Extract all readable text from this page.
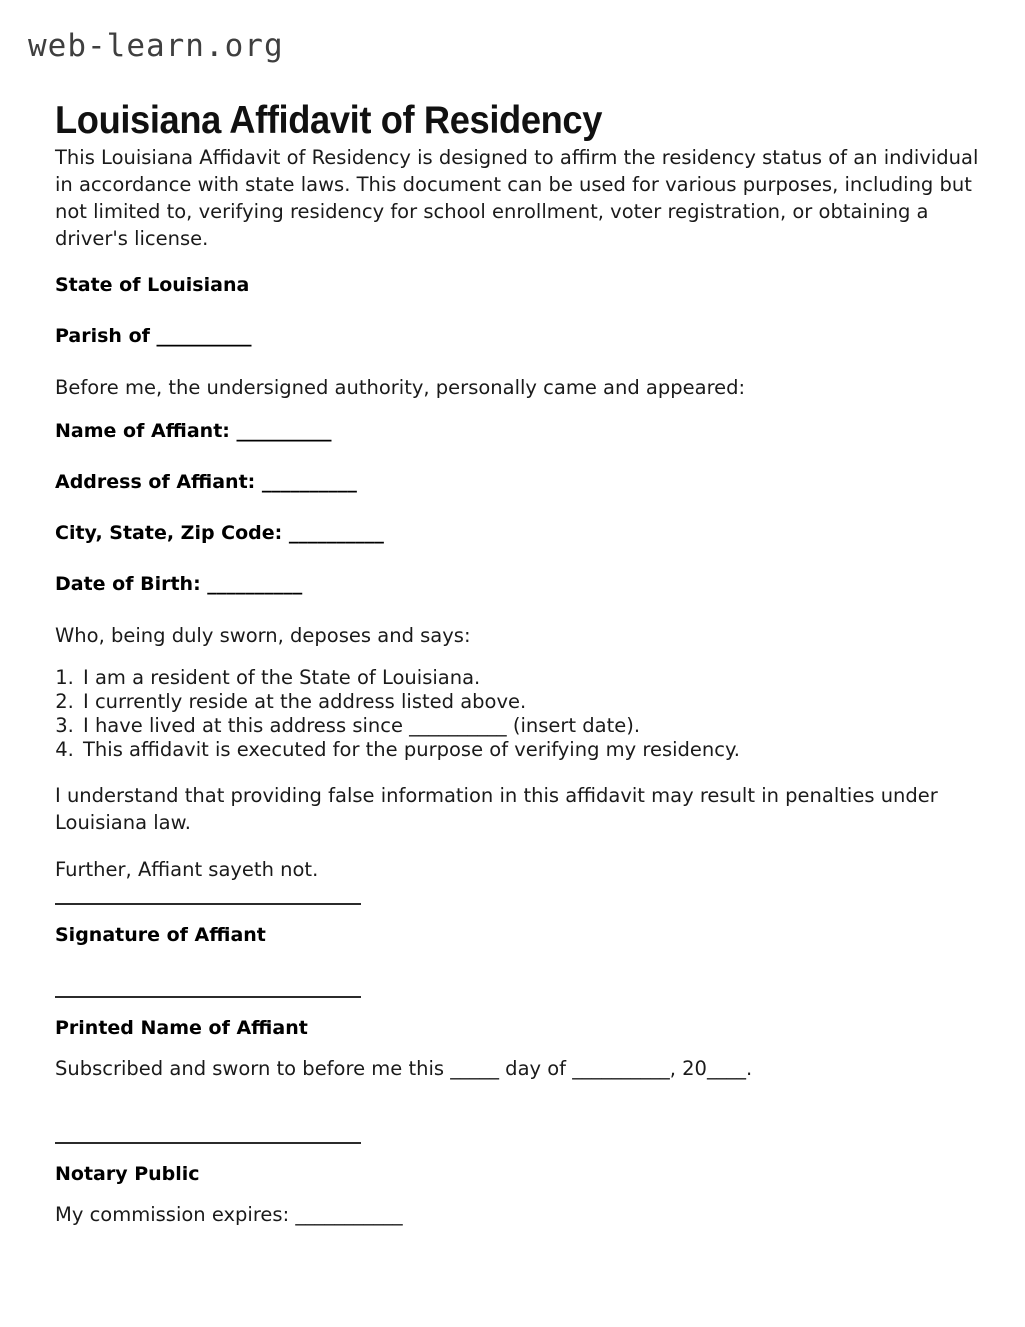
web-learn.org
Louisiana Affidavit of Residency

This Louisiana Affidavit of Residency is designed to affirm the residency status of an individual in accordance with state laws. This document can be used for various purposes, including but not limited to, verifying residency for school enrollment, voter registration, or obtaining a driver's license.

State of Louisiana

Parish of __________

Before me, the undersigned authority, personally came and appeared:

Name of Affiant: __________

Address of Affiant: __________

City, State, Zip Code: __________

Date of Birth: __________

Who, being duly sworn, deposes and says:

1. I am a resident of the State of Louisiana.
2. I currently reside at the address listed above.
3. I have lived at this address since __________ (insert date).
4. This affidavit is executed for the purpose of verifying my residency.

I understand that providing false information in this affidavit may result in penalties under Louisiana law.

Further, Affiant sayeth not.

Signature of Affiant

Printed Name of Affiant

Subscribed and sworn to before me this _____ day of __________, 20____.

Notary Public

My commission expires: ___________
